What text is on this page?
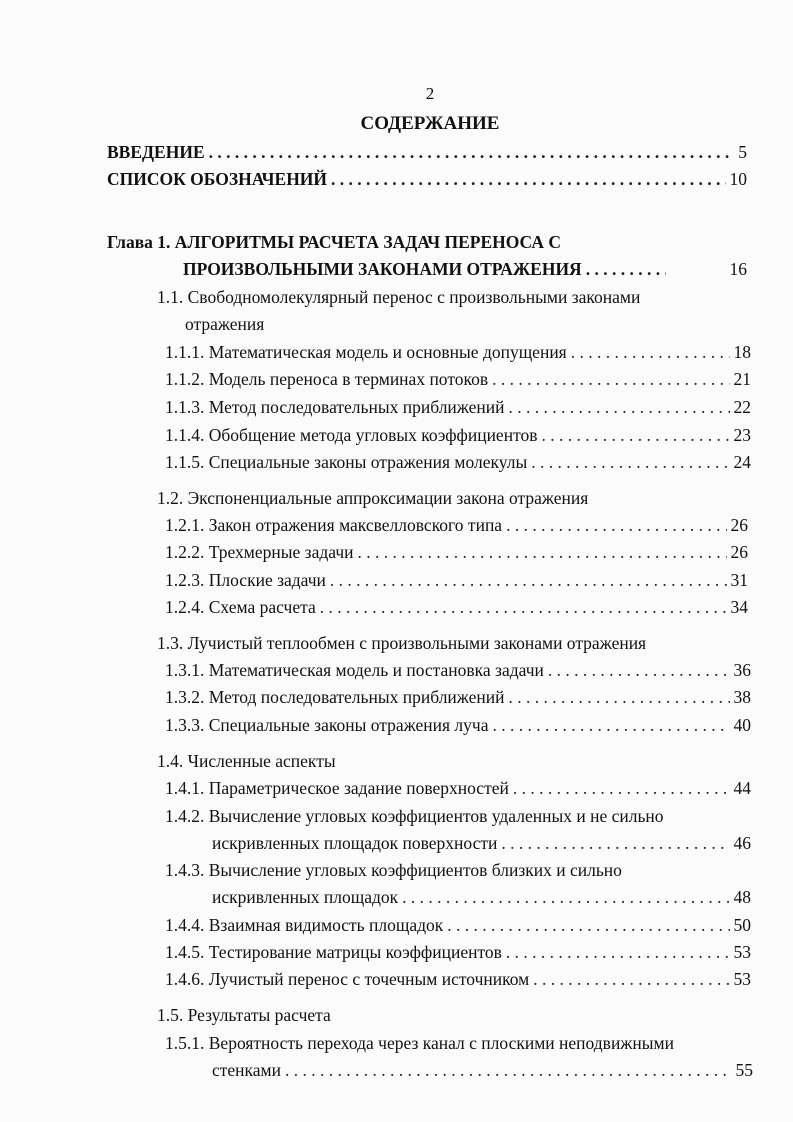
2
СОДЕРЖАНИЕ
ВВЕДЕНИЕ . . .	5
СПИСОК ОБОЗНАЧЕНИЙ . . .	10
Глава 1. АЛГОРИТМЫ РАСЧЕТА ЗАДАЧ ПЕРЕНОСА С
ПРОИЗВОЛЬНЫМИ ЗАКОНАМИ ОТРАЖЕНИЯ . . .	16
1.1. Свободномолекулярный перенос с произвольными законами
отражения
1.1.1. Математическая модель и основные допущения . . .	18
1.1.2. Модель переноса в терминах потоков . . .	21
1.1.3. Метод последовательных приближений . . .	22
1.1.4. Обобщение метода угловых коэффициентов . . .	23
1.1.5. Специальные законы отражения молекулы . . .	24
1.2. Экспоненциальные аппроксимации закона отражения
1.2.1. Закон отражения максвелловского типа . . .	26
1.2.2. Трехмерные задачи . . .	26
1.2.3. Плоские задачи . . .	31
1.2.4. Схема расчета . . .	34
1.3. Лучистый теплообмен с произвольными законами отражения
1.3.1. Математическая модель и постановка задачи . . .	36
1.3.2. Метод последовательных приближений . . .	38
1.3.3. Специальные законы отражения луча . . .	40
1.4. Численные аспекты
1.4.1. Параметрическое задание поверхностей . . .	44
1.4.2. Вычисление угловых коэффициентов удаленных и не сильно
искривленных площадок поверхности . . .	46
1.4.3. Вычисление угловых коэффициентов близких и сильно
искривленных площадок . . .	48
1.4.4. Взаимная видимость площадок . . .	50
1.4.5. Тестирование матрицы коэффициентов . . .	53
1.4.6. Лучистый перенос с точечным источником . . .	53
1.5. Результаты расчета
1.5.1. Вероятность перехода через канал с плоскими неподвижными
стенками . . .	55
